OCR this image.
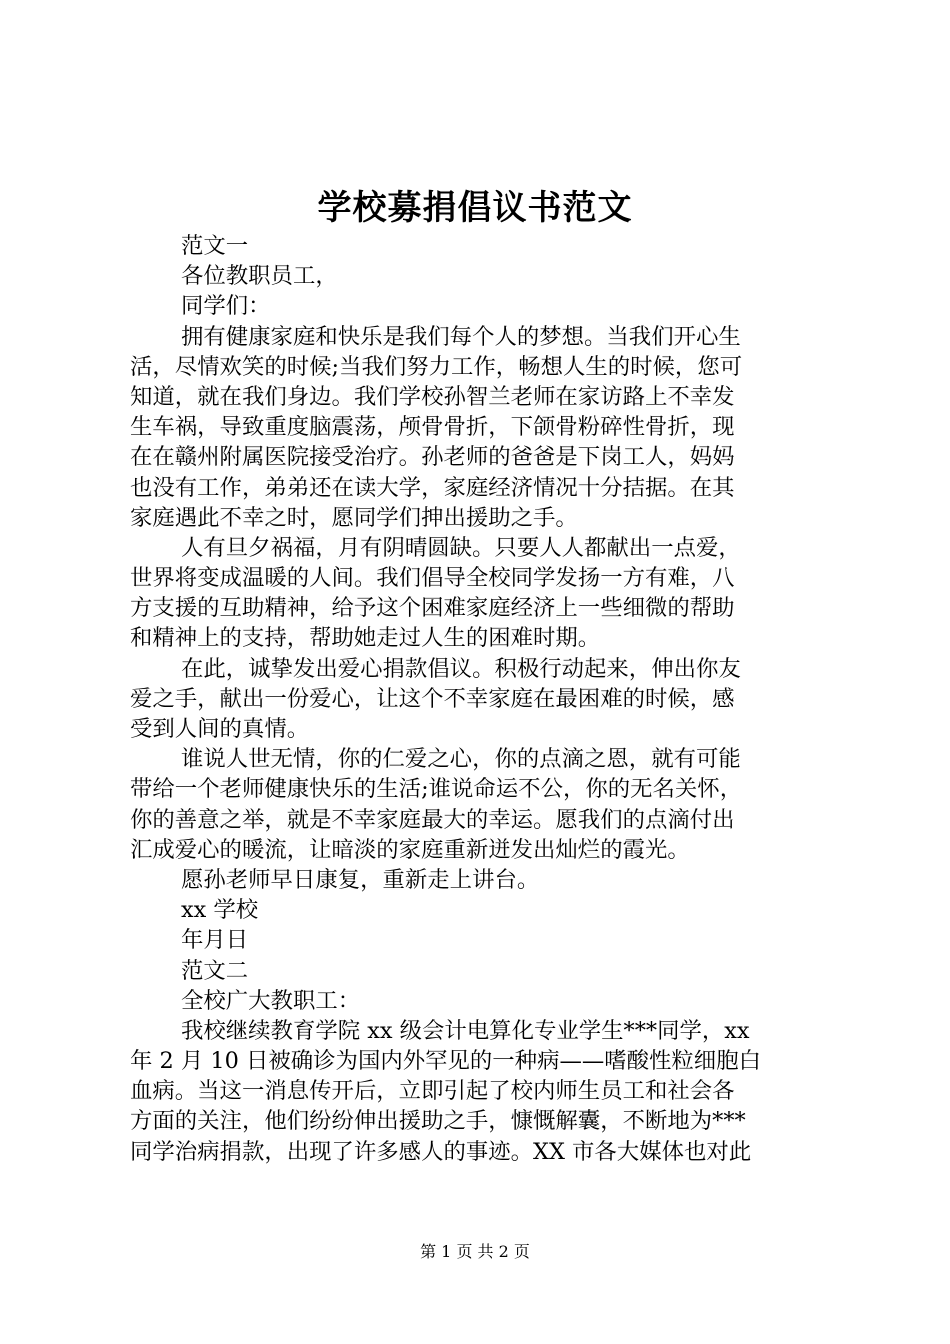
学校募捐倡议书范文
范文一
各位教职员工，
同学们：
拥有健康家庭和快乐是我们每个人的梦想。当我们开心生
活，尽情欢笑的时候;当我们努力工作，畅想人生的时候，您可
知道，就在我们身边。我们学校孙智兰老师在家访路上不幸发
生车祸，导致重度脑震荡，颅骨骨折，下颌骨粉碎性骨折，现
在在赣州附属医院接受治疗。孙老师的爸爸是下岗工人，妈妈
也没有工作，弟弟还在读大学，家庭经济情况十分拮据。在其
家庭遇此不幸之时，愿同学们抻出援助之手。
人有旦夕祸福，月有阴晴圆缺。只要人人都献出一点爱，
世界将变成温暖的人间。我们倡导全校同学发扬一方有难，八
方支援的互助精神，给予这个困难家庭经济上一些细微的帮助
和精神上的支持，帮助她走过人生的困难时期。
在此，诚挚发出爱心捐款倡议。积极行动起来，伸出你友
爱之手，献出一份爱心，让这个不幸家庭在最困难的时候，感
受到人间的真情。
谁说人世无情，你的仁爱之心，你的点滴之恩，就有可能
带给一个老师健康快乐的生活;谁说命运不公，你的无名关怀，
你的善意之举，就是不幸家庭最大的幸运。愿我们的点滴付出
汇成爱心的暖流，让暗淡的家庭重新迸发出灿烂的霞光。
愿孙老师早日康复，重新走上讲台。
xx 学校
年月日
范文二
全校广大教职工：
我校继续教育学院 xx 级会计电算化专业学生***同学，xx
年 2 月 10 日被确诊为国内外罕见的一种病——嗜酸性粒细胞白
血病。当这一消息传开后，立即引起了校内师生员工和社会各
方面的关注，他们纷纷伸出援助之手，慷慨解囊，不断地为***
同学治病捐款，出现了许多感人的事迹。XX 市各大媒体也对此
第 1 页 共 2 页
